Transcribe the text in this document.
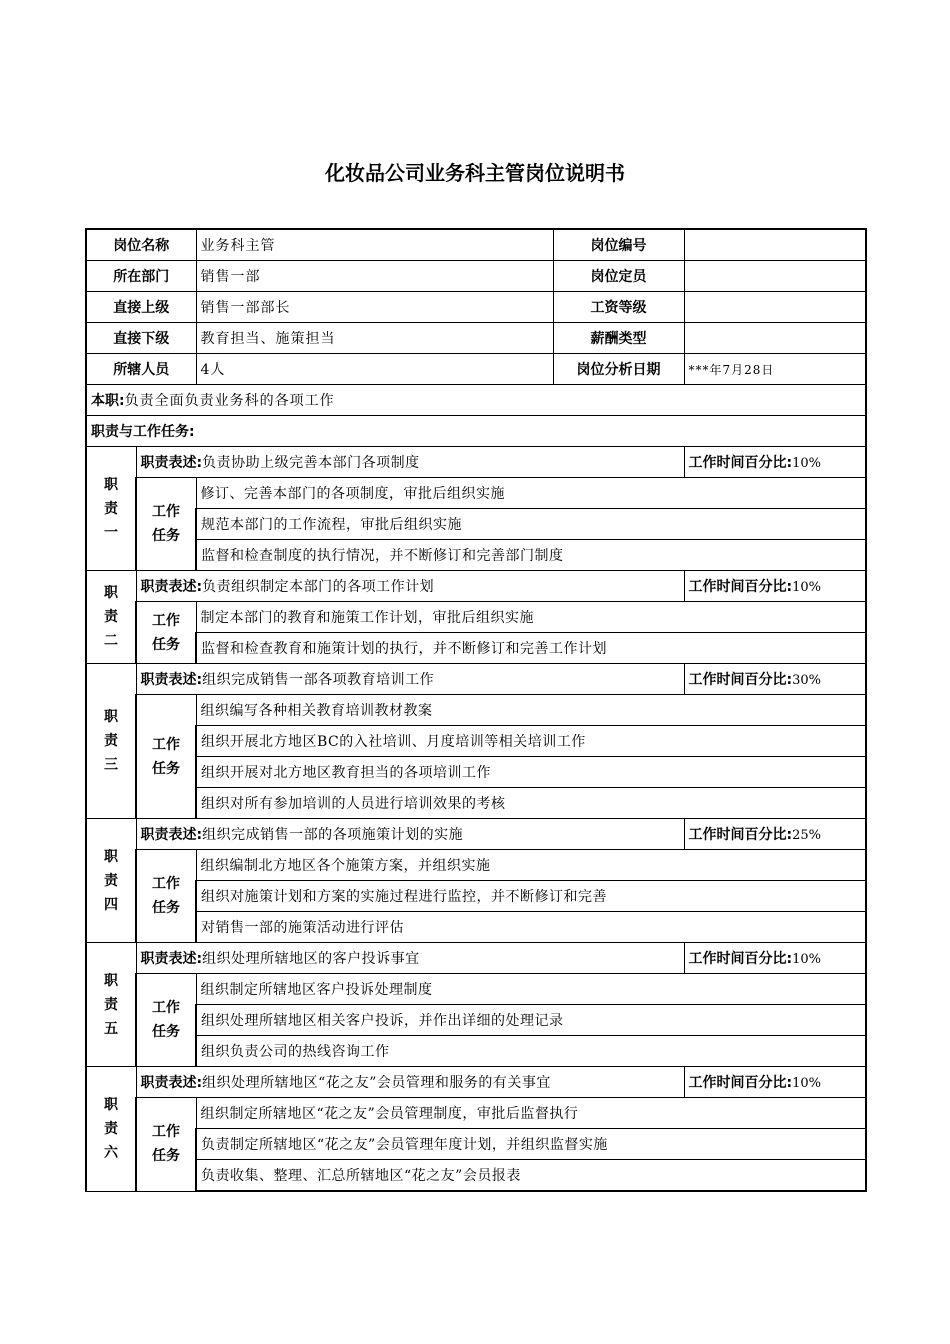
化妆品公司业务科主管岗位说明书
岗位名称		业务科主管	岗位编号	
所在部门		销售一部	岗位定员	
直接上级		销售一部部长	工资等级	
直接下级		教育担当、施策担当	薪酬类型	
所辖人员		4人	岗位分析日期	***年7月28日
本职:负责全面负责业务科的各项工作				
职责与工作任务:				
职责一	职责表述:负责协助上级完善本部门各项制度			工作时间百分比:10%
	工作任务	修订、完善本部门的各项制度，审批后组织实施		
		规范本部门的工作流程，审批后组织实施		
		监督和检查制度的执行情况，并不断修订和完善部门制度		
职责二	职责表述:负责组织制定本部门的各项工作计划			工作时间百分比:10%
	工作任务	制定本部门的教育和施策工作计划，审批后组织实施		
		监督和检查教育和施策计划的执行，并不断修订和完善工作计划		
职责三	职责表述:组织完成销售一部各项教育培训工作			工作时间百分比:30%
	工作任务	组织编写各种相关教育培训教材教案		
		组织开展北方地区BC的入社培训、月度培训等相关培训工作		
		组织开展对北方地区教育担当的各项培训工作		
		组织对所有参加培训的人员进行培训效果的考核		
职责四	职责表述:组织完成销售一部的各项施策计划的实施			工作时间百分比:25%
	工作任务	组织编制北方地区各个施策方案，并组织实施		
		组织对施策计划和方案的实施过程进行监控，并不断修订和完善		
		对销售一部的施策活动进行评估		
职责五	职责表述:组织处理所辖地区的客户投诉事宜			工作时间百分比:10%
	工作任务	组织制定所辖地区客户投诉处理制度		
		组织处理所辖地区相关客户投诉，并作出详细的处理记录		
		组织负责公司的热线咨询工作		
职责六	职责表述:组织处理所辖地区“花之友”会员管理和服务的有关事宜			工作时间百分比:10%
	工作任务	组织制定所辖地区“花之友”会员管理制度，审批后监督执行		
		负责制定所辖地区“花之友”会员管理年度计划，并组织监督实施		
		负责收集、整理、汇总所辖地区“花之友”会员报表		
